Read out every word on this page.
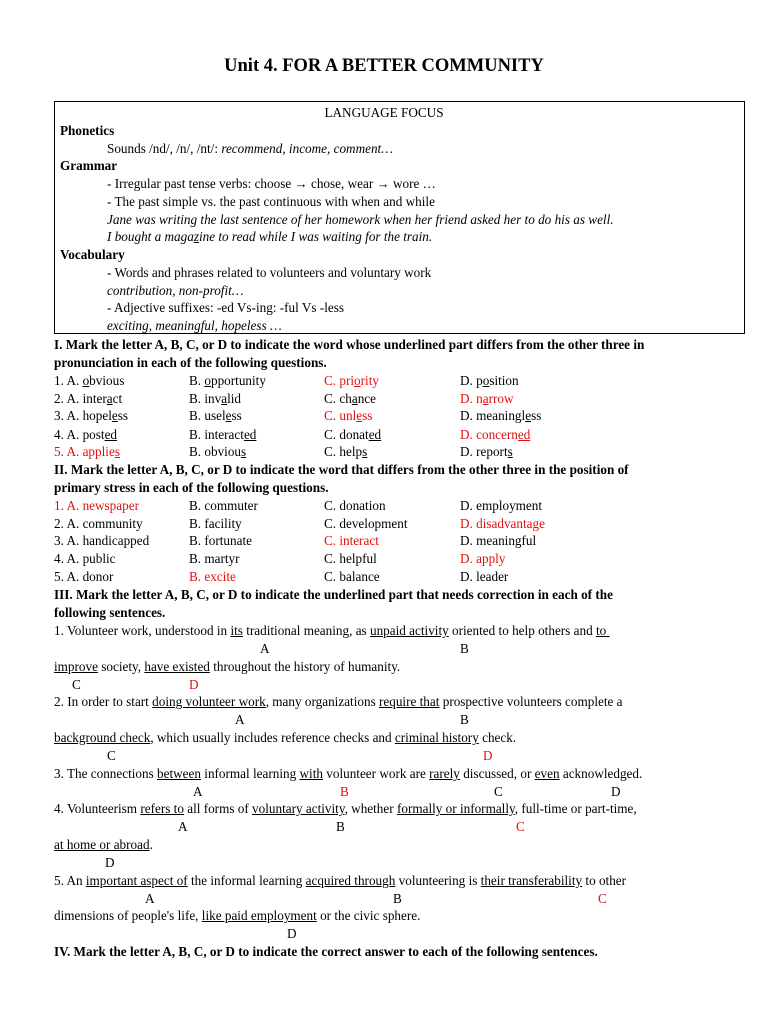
Unit 4. FOR A BETTER COMMUNITY
LANGUAGE FOCUS
Phonetics
Sounds /nd/, /n/, /nt/: recommend, income, comment…
Grammar
- Irregular past tense verbs: choose → chose, wear → wore …
- The past simple vs. the past continuous with when and while
Jane was writing the last sentence of her homework when her friend asked her to do his as well.
I bought a magazine to read while I was waiting for the train.
Vocabulary
- Words and phrases related to volunteers and voluntary work
contribution, non-profit…
- Adjective suffixes: -ed Vs-ing: -ful Vs -less
exciting, meaningful, hopeless …
I. Mark the letter A, B, C, or D to indicate the word whose underlined part differs from the other three in
pronunciation in each of the following questions.
1. A. obvious	B. opportunity	C. priority	D. position
2. A. interact	B. invalid	C. chance	D. narrow
3. A. hopeless	B. useless	C. unless	D. meaningless
4. A. posted	B. interacted	C. donated	D. concerned
5. A. applies	B. obvious	C. helps	D. reports
II. Mark the letter A, B, C, or D to indicate the word that differs from the other three in the position of
primary stress in each of the following questions.
1. A. newspaper	B. commuter	C. donation	D. employment
2. A. community	B. facility	C. development	D. disadvantage
3. A. handicapped	B. fortunate	C. interact	D. meaningful
4. A. public	B. martyr	C. helpful	D. apply
5. A. donor	B. excite	C. balance	D. leader
III. Mark the letter A, B, C, or D to indicate the underlined part that needs correction in each of the
following sentences.
1. Volunteer work, understood in its traditional meaning, as unpaid activity oriented to help others and to
A	B
improve society, have existed throughout the history of humanity.
C	D
2. In order to start doing volunteer work, many organizations require that prospective volunteers complete a
A	B
background check, which usually includes reference checks and criminal history check.
C	D
3. The connections between informal learning with volunteer work are rarely discussed, or even acknowledged.
A	B	C	D
4. Volunteerism refers to all forms of voluntary activity, whether formally or informally, full-time or part-time,
A	B	C
at home or abroad.
D
5. An important aspect of the informal learning acquired through volunteering is their transferability to other
A	B	C
dimensions of people's life, like paid employment or the civic sphere.
D
IV. Mark the letter A, B, C, or D to indicate the correct answer to each of the following sentences.
